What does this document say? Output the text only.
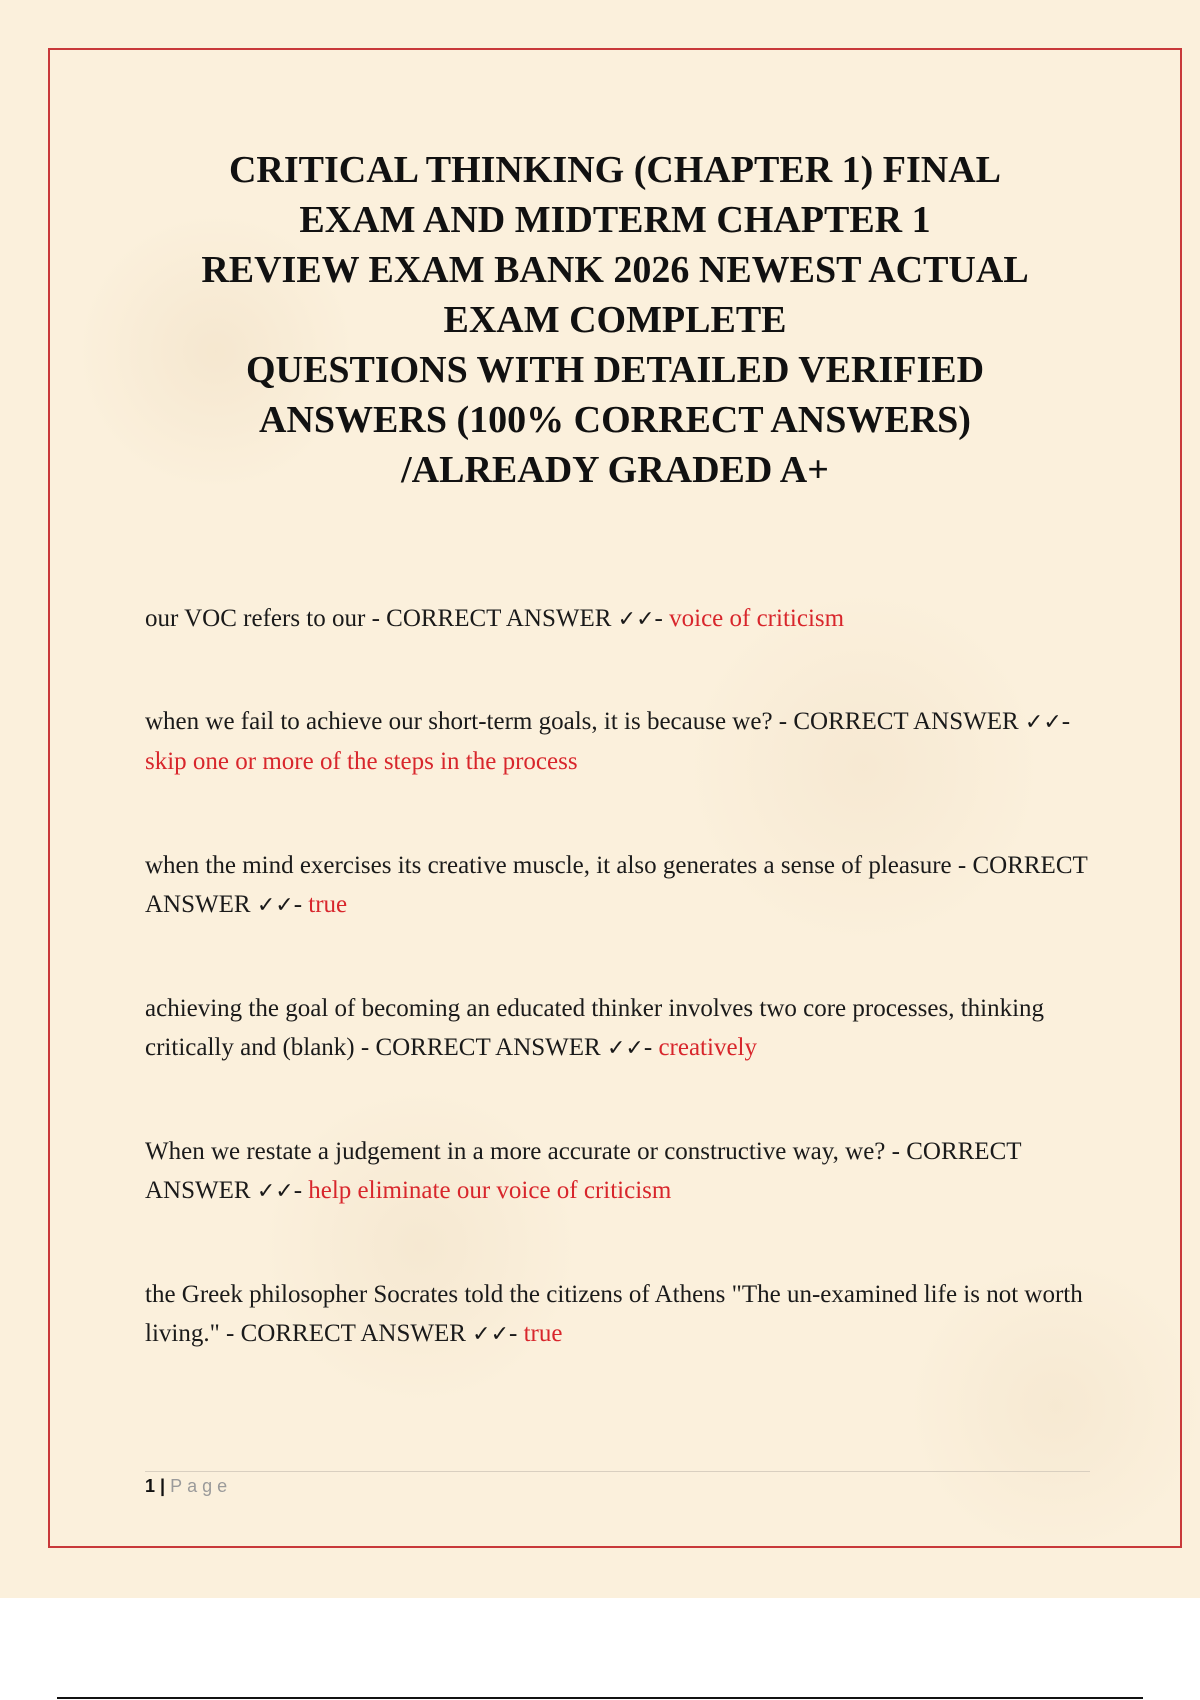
CRITICAL THINKING (CHAPTER 1) FINAL
EXAM AND MIDTERM CHAPTER 1
REVIEW EXAM BANK 2026 NEWEST ACTUAL
EXAM COMPLETE
QUESTIONS WITH DETAILED VERIFIED
ANSWERS (100% CORRECT ANSWERS)
/ALREADY GRADED A+

our VOC refers to our - CORRECT ANSWER ✓✓- voice of criticism

when we fail to achieve our short-term goals, it is because we? - CORRECT ANSWER ✓✓- skip one or more of the steps in the process

when the mind exercises its creative muscle, it also generates a sense of pleasure - CORRECT ANSWER ✓✓- true

achieving the goal of becoming an educated thinker involves two core processes, thinking critically and (blank) - CORRECT ANSWER ✓✓- creatively

When we restate a judgement in a more accurate or constructive way, we? - CORRECT ANSWER ✓✓- help eliminate our voice of criticism

the Greek philosopher Socrates told the citizens of Athens "The un-examined life is not worth living." - CORRECT ANSWER ✓✓- true

1 | Page
